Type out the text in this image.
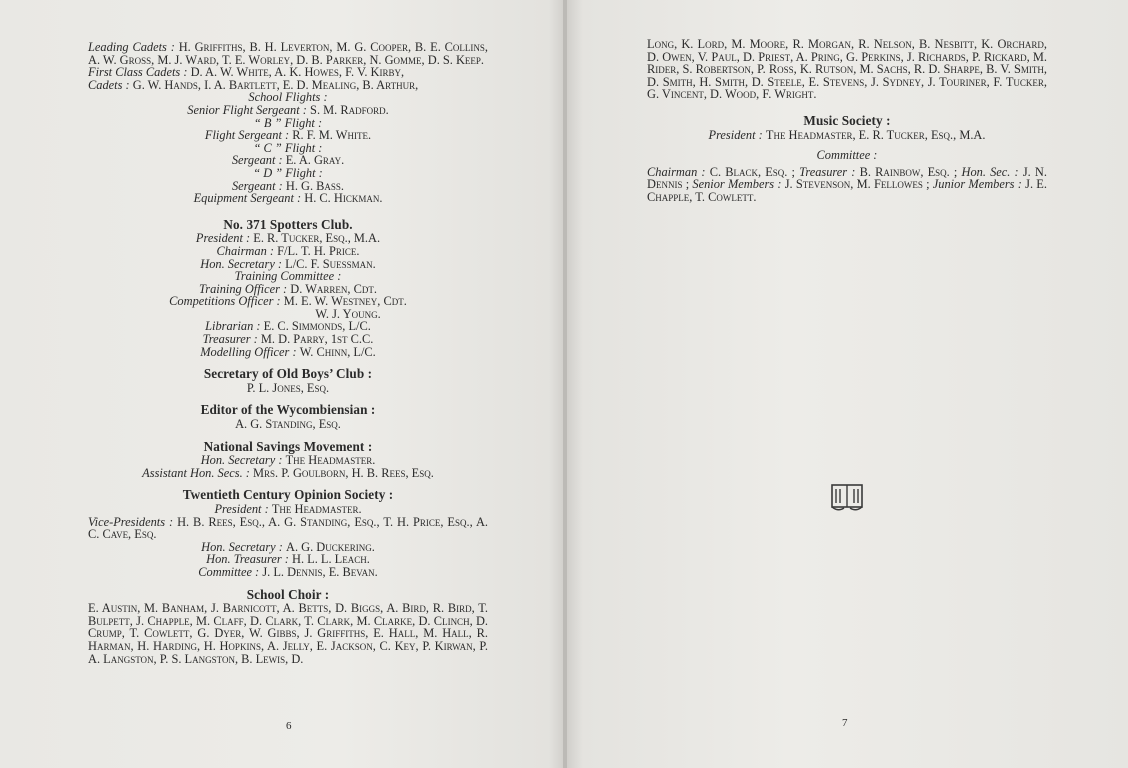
Leading Cadets : H. Griffiths, B. H. Leverton, M. G. Cooper, B. E. Collins, A. W. Gross, M. J. Ward, T. E. Worley, D. B. Parker, N. Gomme, D. S. Keep.

First Class Cadets : D. A. W. White, A. K. Howes, F. V. Kirby,

Cadets : G. W. Hands, I. A. Bartlett, E. D. Mealing, B. Arthur,

School Flights :

Senior Flight Sergeant : S. M. Radford.

“ B ” Flight :

Flight Sergeant : R. F. M. White.

“ C ” Flight :

Sergeant : E. A. Gray.

“ D ” Flight :

Sergeant : H. G. Bass.

Equipment Sergeant : H. C. Hickman.

No. 371 Spotters Club.

President : E. R. Tucker, Esq., M.A.

Chairman : F/L. T. H. Price.

Hon. Secretary : L/C. F. Suessman.

Training Committee :

Training Officer : D. Warren, Cdt.

Competitions Officer : M. E. W. Westney, Cdt.

W. J. Young.

Librarian : E. C. Simmonds, L/C.

Treasurer : M. D. Parry, 1st C.C.

Modelling Officer : W. Chinn, L/C.

Secretary of Old Boys’ Club :

P. L. Jones, Esq.

Editor of the Wycombiensian :

A. G. Standing, Esq.

National Savings Movement :

Hon. Secretary : The Headmaster.

Assistant Hon. Secs. : Mrs. P. Goulborn, H. B. Rees, Esq.

Twentieth Century Opinion Society :

President : The Headmaster.

Vice-Presidents : H. B. Rees, Esq., A. G. Standing, Esq., T. H. Price, Esq., A. C. Cave, Esq.

Hon. Secretary : A. G. Duckering.

Hon. Treasurer : H. L. L. Leach.

Committee : J. L. Dennis, E. Bevan.

School Choir :

E. Austin, M. Banham, J. Barnicott, A. Betts, D. Biggs, A. Bird, R. Bird, T. Bulpett, J. Chapple, M. Claff, D. Clark, T. Clark, M. Clarke, D. Clinch, D. Crump, T. Cowlett, G. Dyer, W. Gibbs, J. Griffiths, E. Hall, M. Hall, R. Harman, H. Harding, H. Hopkins, A. Jelly, E. Jackson, C. Key, P. Kirwan, P. A. Langston, P. S. Langston, B. Lewis, D.

6

Long, K. Lord, M. Moore, R. Morgan, R. Nelson, B. Nesbitt, K. Orchard, D. Owen, V. Paul, D. Priest, A. Pring, G. Perkins, J. Richards, P. Rickard, M. Rider, S. Robertson, P. Ross, K. Rutson, M. Sachs, R. D. Sharpe, B. V. Smith, D. Smith, H. Smith, D. Steele, E. Stevens, J. Sydney, J. Touriner, F. Tucker, G. Vincent, D. Wood, F. Wright.

Music Society :

President : The Headmaster, E. R. Tucker, Esq., M.A.

Committee :

Chairman : C. Black, Esq. ; Treasurer : B. Rainbow, Esq. ; Hon. Sec. : J. N. Dennis ; Senior Members : J. Stevenson, M. Fellowes ; Junior Members : J. E. Chapple, T. Cowlett.

7
